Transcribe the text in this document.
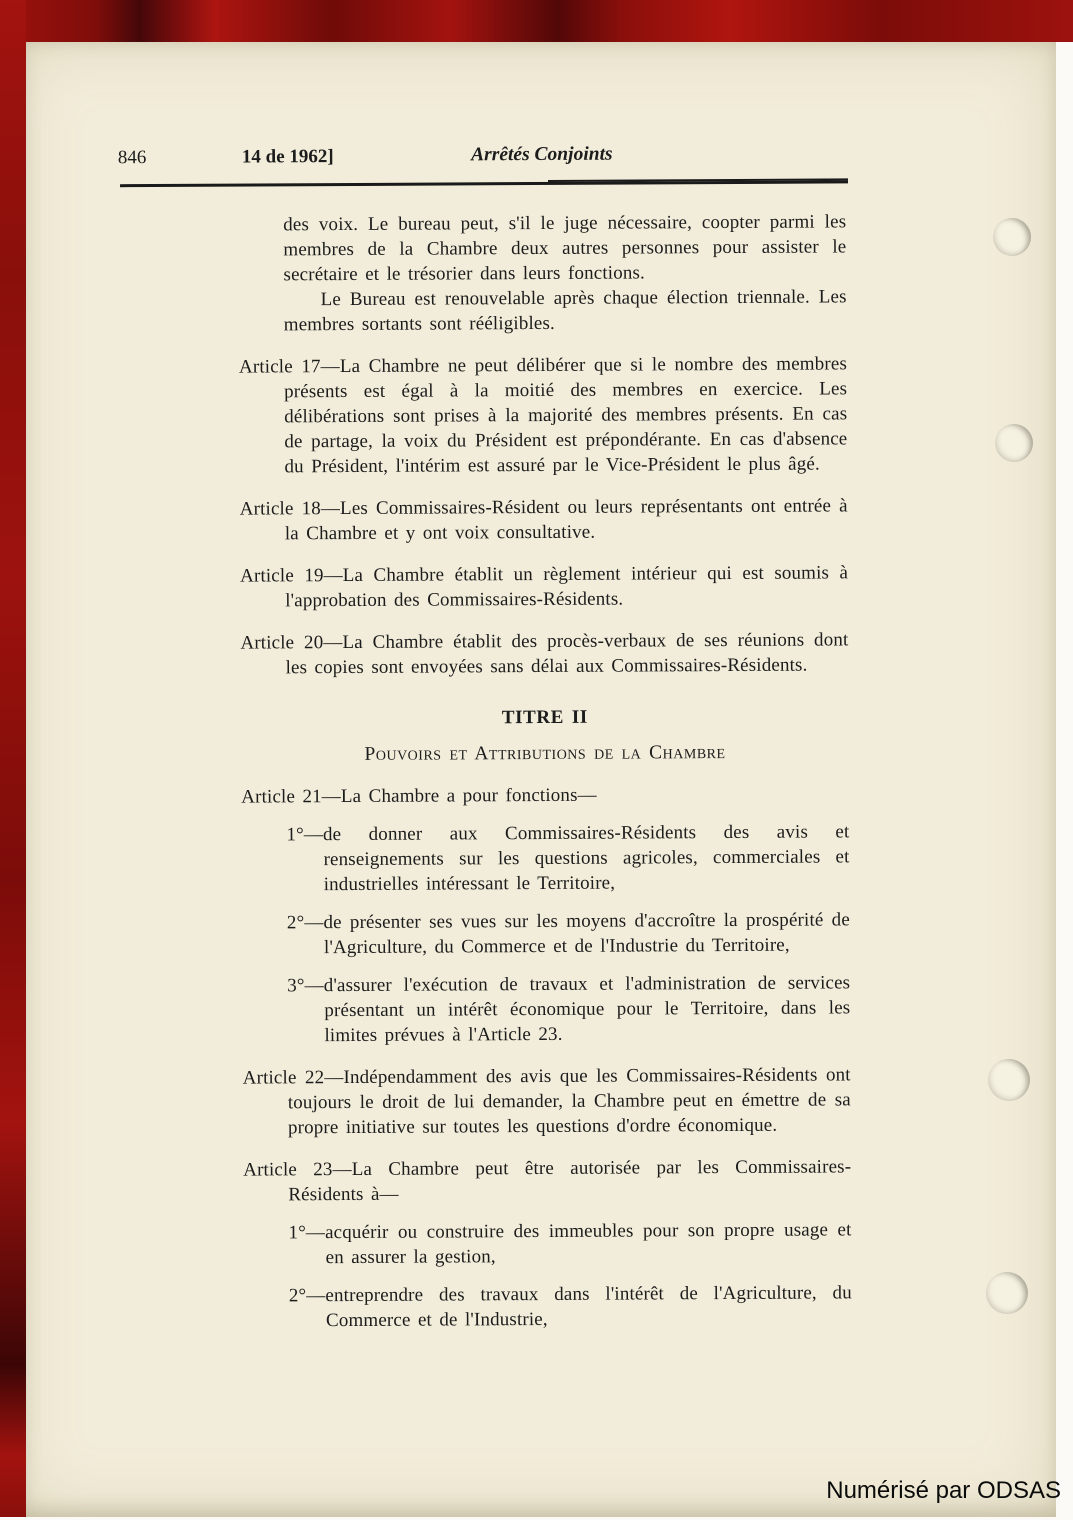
846	14 de 1962]	Arrêtés Conjoints

des voix. Le bureau peut, s'il le juge nécessaire, coopter parmi les membres de la Chambre deux autres personnes pour assister le secrétaire et le trésorier dans leurs fonctions.

Le Bureau est renouvelable après chaque élection triennale. Les membres sortants sont rééligibles.

Article 17—La Chambre ne peut délibérer que si le nombre des membres présents est égal à la moitié des membres en exercice. Les délibérations sont prises à la majorité des membres présents. En cas de partage, la voix du Président est prépondérante. En cas d'absence du Président, l'intérim est assuré par le Vice-Président le plus âgé.

Article 18—Les Commissaires-Résident ou leurs représentants ont entrée à la Chambre et y ont voix consultative.

Article 19—La Chambre établit un règlement intérieur qui est soumis à l'approbation des Commissaires-Résidents.

Article 20—La Chambre établit des procès-verbaux de ses réunions dont les copies sont envoyées sans délai aux Commissaires-Résidents.

TITRE II

Pouvoirs et Attributions de la Chambre

Article 21—La Chambre a pour fonctions—

1°—de donner aux Commissaires-Résidents des avis et renseignements sur les questions agricoles, commerciales et industrielles intéressant le Territoire,

2°—de présenter ses vues sur les moyens d'accroître la prospérité de l'Agriculture, du Commerce et de l'Industrie du Territoire,

3°—d'assurer l'exécution de travaux et l'administration de services présentant un intérêt économique pour le Territoire, dans les limites prévues à l'Article 23.

Article 22—Indépendamment des avis que les Commissaires-Résidents ont toujours le droit de lui demander, la Chambre peut en émettre de sa propre initiative sur toutes les questions d'ordre économique.

Article 23—La Chambre peut être autorisée par les Commissaires-Résidents à—

1°—acquérir ou construire des immeubles pour son propre usage et en assurer la gestion,

2°—entreprendre des travaux dans l'intérêt de l'Agriculture, du Commerce et de l'Industrie,

Numérisé par ODSAS
